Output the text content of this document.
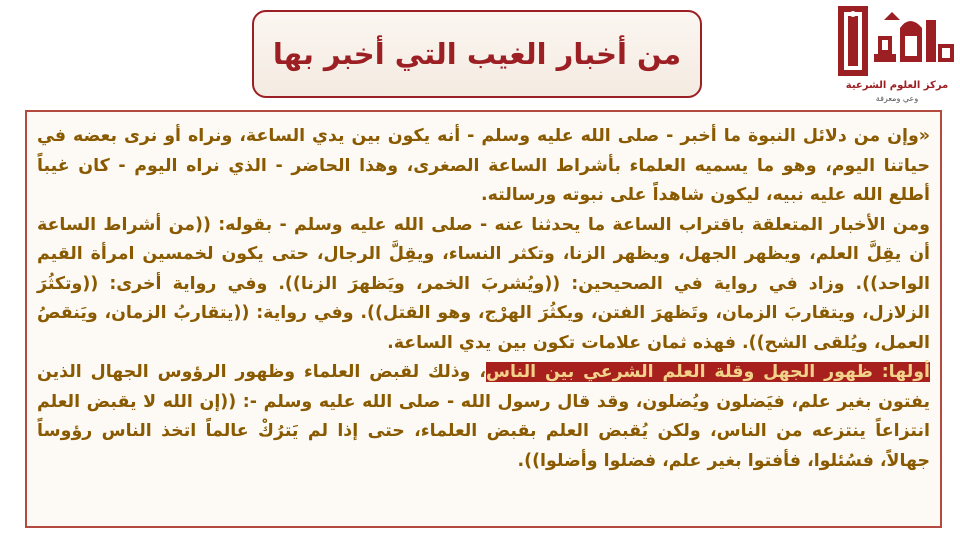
من أخبار الغيب التي أخبر بها
مركز العلوم الشرعية
وعي ومعرفة

«وإن من دلائل النبوة ما أخبر - صلى الله عليه وسلم - أنه يكون بين يدي الساعة، ونراه أو نرى بعضه في حياتنا اليوم، وهو ما يسميه العلماء بأشراط الساعة الصغرى، وهذا الحاضر - الذي نراه اليوم - كان غيباً أطلع الله عليه نبيه، ليكون شاهداً على نبوته ورسالته.

ومن الأخبار المتعلقة باقتراب الساعة ما يحدثنا عنه - صلى الله عليه وسلم - بقوله: ((من أشراط الساعة أن يقِلَّ العلم، ويظهر الجهل، ويظهر الزنا، وتكثر النساء، ويقِلَّ الرجال، حتى يكون لخمسين امرأة القيم الواحد)). وزاد في رواية في الصحيحين: ((ويُشربَ الخمر، ويَظهرَ الزنا)). وفي رواية أخرى: ((وتكثُرَ الزلازل، ويتقاربَ الزمان، وتَظهرَ الفتن، ويكثُرَ الهرْج، وهو القتل)). وفي رواية: ((يتقاربُ الزمان، ويَنقصُ العمل، ويُلقى الشح)). فهذه ثمان علامات تكون بين يدي الساعة.

أولها: ظهور الجهل وقلة العلم الشرعي بين الناس، وذلك لقبض العلماء وظهور الرؤوس الجهال الذين يفتون بغير علم، فيَضلون ويُضلون، وقد قال رسول الله - صلى الله عليه وسلم -: ((إن الله لا يقبض العلم انتزاعاً ينتزعه من الناس، ولكن يُقبض العلم بقبض العلماء، حتى إذا لم يَترُكْ عالماً اتخذ الناس رؤوساً جهالاً، فسُئلوا، فأفتوا بغير علم، فضلوا وأضلوا)).
